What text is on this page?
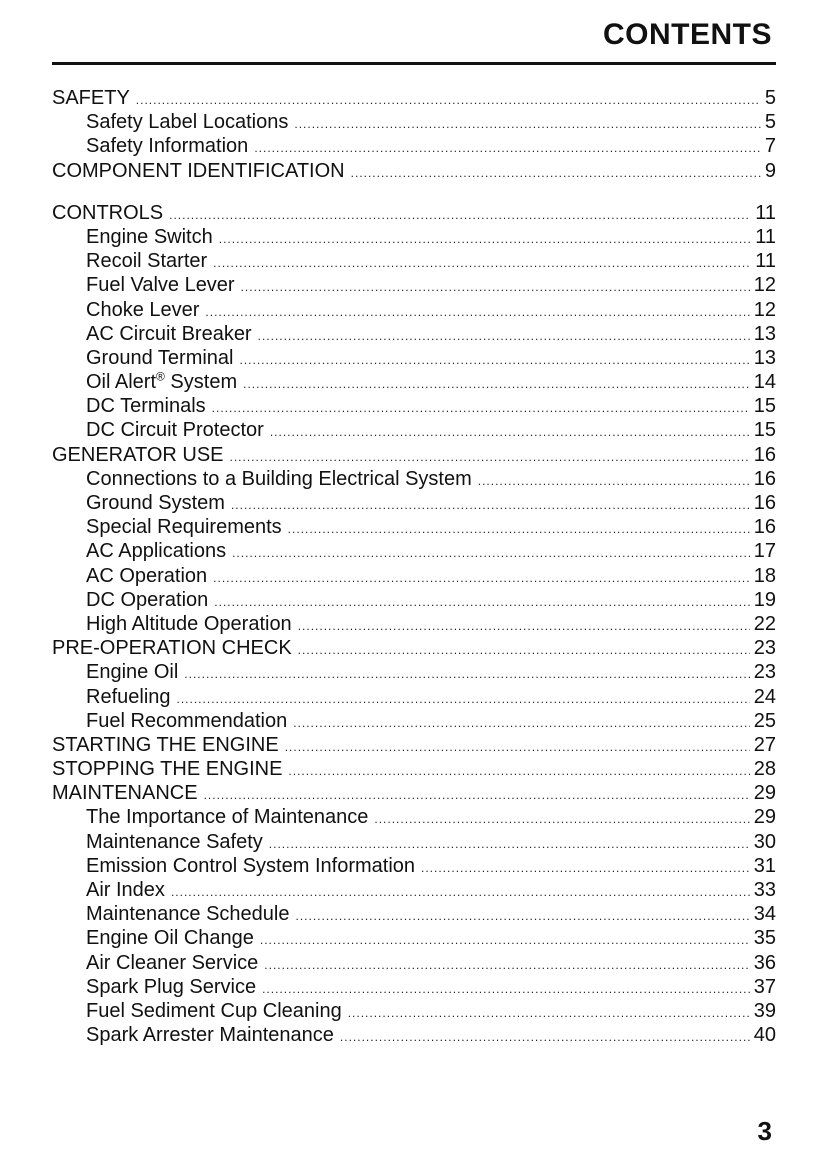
CONTENTS
SAFETY .....	5
Safety Label Locations .....	5
Safety Information .....	7
COMPONENT IDENTIFICATION .....	9
CONTROLS .....	11
Engine Switch .....	11
Recoil Starter .....	11
Fuel Valve Lever .....	12
Choke Lever .....	12
AC Circuit Breaker .....	13
Ground Terminal .....	13
Oil Alert® System .....	14
DC Terminals .....	15
DC Circuit Protector .....	15
GENERATOR USE .....	16
Connections to a Building Electrical System .....	16
Ground System .....	16
Special Requirements .....	16
AC Applications .....	17
AC Operation .....	18
DC Operation .....	19
High Altitude Operation .....	22
PRE-OPERATION CHECK .....	23
Engine Oil .....	23
Refueling .....	24
Fuel Recommendation .....	25
STARTING THE ENGINE .....	27
STOPPING THE ENGINE .....	28
MAINTENANCE .....	29
The Importance of Maintenance .....	29
Maintenance Safety .....	30
Emission Control System Information .....	31
Air Index .....	33
Maintenance Schedule .....	34
Engine Oil Change .....	35
Air Cleaner Service .....	36
Spark Plug Service .....	37
Fuel Sediment Cup Cleaning .....	39
Spark Arrester Maintenance .....	40
3
